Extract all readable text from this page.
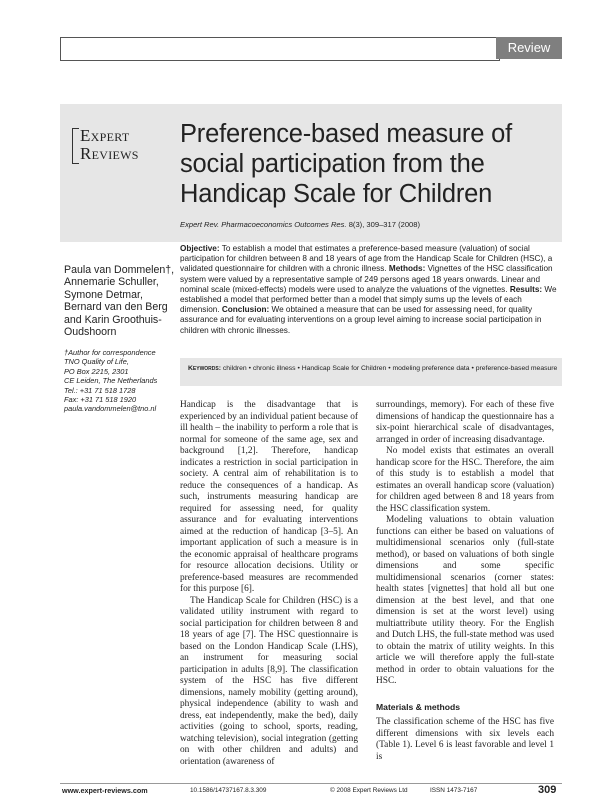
Review
Expert
Reviews
Preference-based measure of social participation from the Handicap Scale for Children
Expert Rev. Pharmacoeconomics Outcomes Res. 8(3), 309–317 (2008)
Paula van Dommelen†, Annemarie Schuller, Symone Detmar, Bernard van den Berg and Karin Groothuis-Oudshoorn
†Author for correspondence
TNO Quality of Life,
PO Box 2215, 2301
CE Leiden, The Netherlands
Tel.: +31 71 518 1728
Fax: +31 71 518 1920
paula.vandommelen@tno.nl
Objective: To establish a model that estimates a preference-based measure (valuation) of social participation for children between 8 and 18 years of age from the Handicap Scale for Children (HSC), a validated questionnaire for children with a chronic illness. Methods: Vignettes of the HSC classification system were valued by a representative sample of 249 persons aged 18 years onwards. Linear and nominal scale (mixed-effects) models were used to analyze the valuations of the vignettes. Results: We established a model that performed better than a model that simply sums up the levels of each dimension. Conclusion: We obtained a measure that can be used for assessing need, for quality assurance and for evaluating interventions on a group level aiming to increase social participation in children with chronic illnesses.
Keywords: children • chronic illness • Handicap Scale for Children • modeling preference data • preference-based measure

Handicap is the disadvantage that is experienced by an individual patient because of ill health – the inability to perform a role that is normal for someone of the same age, sex and background [1,2]. Therefore, handicap indicates a restriction in social participation in society. A central aim of rehabilitation is to reduce the consequences of a handicap. As such, instruments measuring handicap are required for assessing need, for quality assurance and for evaluating interventions aimed at the reduction of handicap [3–5]. An important application of such a measure is in the economic appraisal of healthcare programs for resource allocation decisions. Utility or preference-based measures are recommended for this purpose [6].

The Handicap Scale for Children (HSC) is a validated utility instrument with regard to social participation for children between 8 and 18 years of age [7]. The HSC questionnaire is based on the London Handicap Scale (LHS), an instrument for measuring social participation in adults [8,9]. The classification system of the HSC has five different dimensions, namely mobility (getting around), physical independence (ability to wash and dress, eat independently, make the bed), daily activities (going to school, sports, reading, watching television), social integration (getting on with other children and adults) and orientation (awareness of

surroundings, memory). For each of these five dimensions of handicap the questionnaire has a six-point hierarchical scale of disadvantages, arranged in order of increasing disadvantage.

No model exists that estimates an overall handicap score for the HSC. Therefore, the aim of this study is to establish a model that estimates an overall handicap score (valuation) for children aged between 8 and 18 years from the HSC classification system.

Modeling valuations to obtain valuation functions can either be based on valuations of multidimensional scenarios only (full-state method), or based on valuations of both single dimensions and some specific multidimensional scenarios (corner states: health states [vignettes] that hold all but one dimension at the best level, and that one dimension is set at the worst level) using multiattribute utility theory. For the English and Dutch LHS, the full-state method was used to obtain the matrix of utility weights. In this article we will therefore apply the full-state method in order to obtain valuations for the HSC.

Materials & methods

The classification scheme of the HSC has five different dimensions with six levels each (Table 1). Level 6 is least favorable and level 1 is

www.expert-reviews.com	10.1586/14737167.8.3.309	© 2008 Expert Reviews Ltd	ISSN 1473-7167	309
